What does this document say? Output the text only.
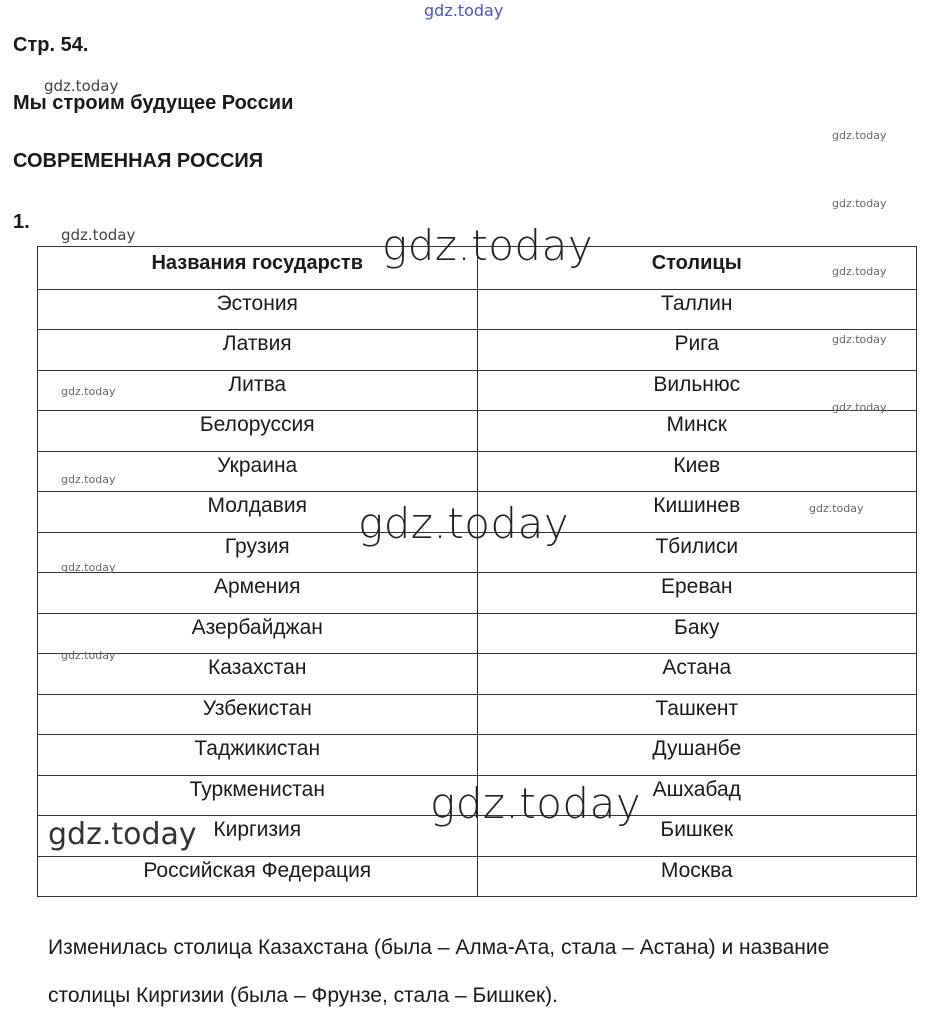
Стр. 54.
Мы строим будущее России
СОВРЕМЕННАЯ РОССИЯ
1.
Названия государств	Столицы
Эстония	Таллин
Латвия	Рига
Литва	Вильнюс
Белоруссия	Минск
Украина	Киев
Молдавия	Кишинев
Грузия	Тбилиси
Армения	Ереван
Азербайджан	Баку
Казахстан	Астана
Узбекистан	Ташкент
Таджикистан	Душанбе
Туркменистан	Ашхабад
Киргизия	Бишкек
Российская Федерация	Москва
Изменилась столица Казахстана (была – Алма-Ата, стала – Астана) и название
столицы Киргизии (была – Фрунзе, стала – Бишкек).
gdz.today
gdz.today
gdz.today
gdz.today
gdz.today	gdz.today
gdz.today
gdz.today
gdz.today
gdz.today
gdz.today
gdz.today
gdz.today
gdz.today
gdz.today
gdz.today
gdz.today
